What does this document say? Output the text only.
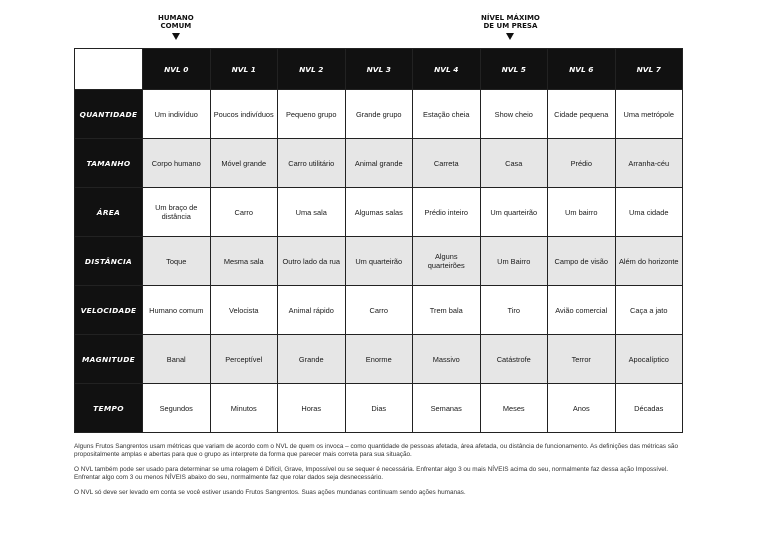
HUMANO
COMUM
NÍVEL MÁXIMO
DE UM PRESA
	NVL 0	NVL 1	NVL 2	NVL 3	NVL 4	NVL 5	NVL 6	NVL 7
QUANTIDADE	Um indivíduo	Poucos indivíduos	Pequeno grupo	Grande grupo	Estação cheia	Show cheio	Cidade pequena	Uma metrópole
TAMANHO	Corpo humano	Móvel grande	Carro utilitário	Animal grande	Carreta	Casa	Prédio	Arranha-céu
ÁREA	Um braço de distância	Carro	Uma sala	Algumas salas	Prédio inteiro	Um quarteirão	Um bairro	Uma cidade
DISTÂNCIA	Toque	Mesma sala	Outro lado da rua	Um quarteirão	Alguns quarteirões	Um Bairro	Campo de visão	Além do horizonte
VELOCIDADE	Humano comum	Velocista	Animal rápido	Carro	Trem bala	Tiro	Avião comercial	Caça a jato
MAGNITUDE	Banal	Perceptível	Grande	Enorme	Massivo	Catástrofe	Terror	Apocalíptico
TEMPO	Segundos	Minutos	Horas	Dias	Semanas	Meses	Anos	Décadas

Alguns Frutos Sangrentos usam métricas que variam de acordo com o NVL de quem os invoca – como quantidade de pessoas afetada, área afetada, ou distância de funcionamento. As definições das métricas são propositalmente amplas e abertas para que o grupo as interprete da forma que parecer mais correta para sua situação.

O NVL também pode ser usado para determinar se uma rolagem é Difícil, Grave, Impossível ou se sequer é necessária. Enfrentar algo 3 ou mais NÍVEIS acima do seu, normalmente faz dessa ação Impossível. Enfrentar algo com 3 ou menos NÍVEIS abaixo do seu, normalmente faz que rolar dados seja desnecessário.

O NVL só deve ser levado em conta se você estiver usando Frutos Sangrentos. Suas ações mundanas continuam sendo ações humanas.
